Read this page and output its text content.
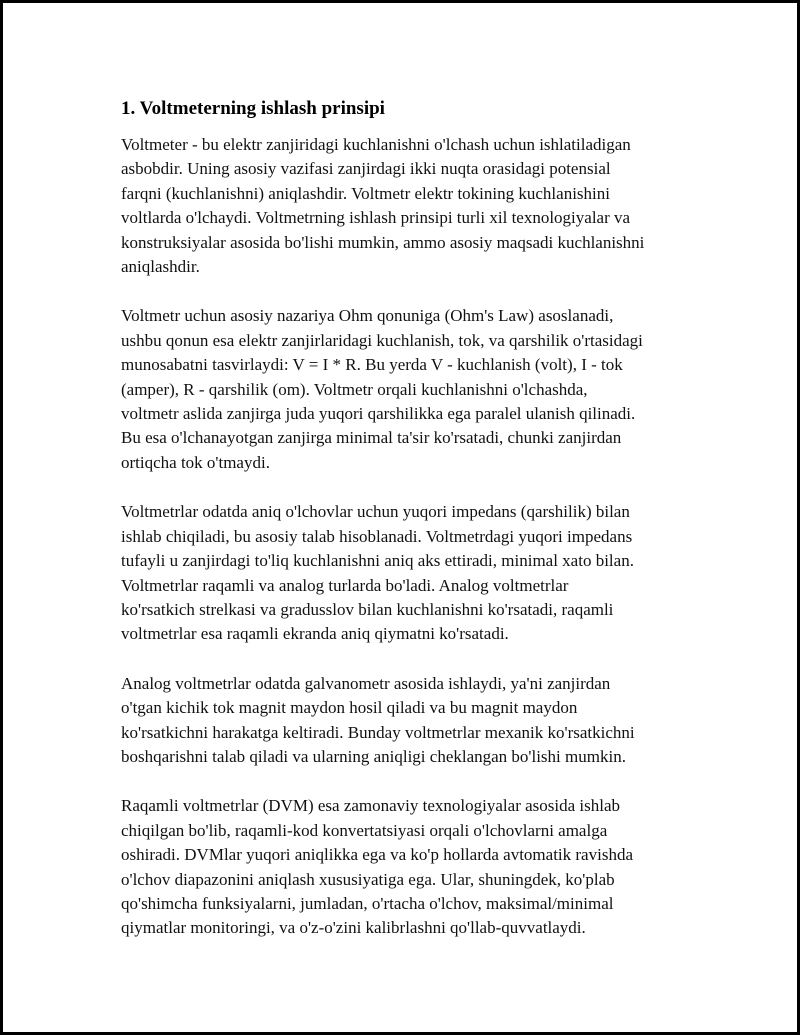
1. Voltmeterning ishlash prinsipi

Voltmeter - bu elektr zanjiridagi kuchlanishni o'lchash uchun ishlatiladigan
asbobdir. Uning asosiy vazifasi zanjirdagi ikki nuqta orasidagi potensial
farqni (kuchlanishni) aniqlashdir. Voltmetr elektr tokining kuchlanishini
voltlarda o'lchaydi. Voltmetrning ishlash prinsipi turli xil texnologiyalar va
konstruksiyalar asosida bo'lishi mumkin, ammo asosiy maqsadi kuchlanishni
aniqlashdir.

Voltmetr uchun asosiy nazariya Ohm qonuniga (Ohm's Law) asoslanadi,
ushbu qonun esa elektr zanjirlaridagi kuchlanish, tok, va qarshilik o'rtasidagi
munosabatni tasvirlaydi: V = I * R. Bu yerda V - kuchlanish (volt), I - tok
(amper), R - qarshilik (om). Voltmetr orqali kuchlanishni o'lchashda,
voltmetr aslida zanjirga juda yuqori qarshilikka ega paralel ulanish qilinadi.
Bu esa o'lchanayotgan zanjirga minimal ta'sir ko'rsatadi, chunki zanjirdan
ortiqcha tok o'tmaydi.

Voltmetrlar odatda aniq o'lchovlar uchun yuqori impedans (qarshilik) bilan
ishlab chiqiladi, bu asosiy talab hisoblanadi. Voltmetrdagi yuqori impedans
tufayli u zanjirdagi to'liq kuchlanishni aniq aks ettiradi, minimal xato bilan.
Voltmetrlar raqamli va analog turlarda bo'ladi. Analog voltmetrlar
ko'rsatkich strelkasi va gradusslov bilan kuchlanishni ko'rsatadi, raqamli
voltmetrlar esa raqamli ekranda aniq qiymatni ko'rsatadi.

Analog voltmetrlar odatda galvanometr asosida ishlaydi, ya'ni zanjirdan
o'tgan kichik tok magnit maydon hosil qiladi va bu magnit maydon
ko'rsatkichni harakatga keltiradi. Bunday voltmetrlar mexanik ko'rsatkichni
boshqarishni talab qiladi va ularning aniqligi cheklangan bo'lishi mumkin.

Raqamli voltmetrlar (DVM) esa zamonaviy texnologiyalar asosida ishlab
chiqilgan bo'lib, raqamli-kod konvertatsiyasi orqali o'lchovlarni amalga
oshiradi. DVMlar yuqori aniqlikka ega va ko'p hollarda avtomatik ravishda
o'lchov diapazonini aniqlash xususiyatiga ega. Ular, shuningdek, ko'plab
qo'shimcha funksiyalarni, jumladan, o'rtacha o'lchov, maksimal/minimal
qiymatlar monitoringi, va o'z-o'zini kalibrlashni qo'llab-quvvatlaydi.
